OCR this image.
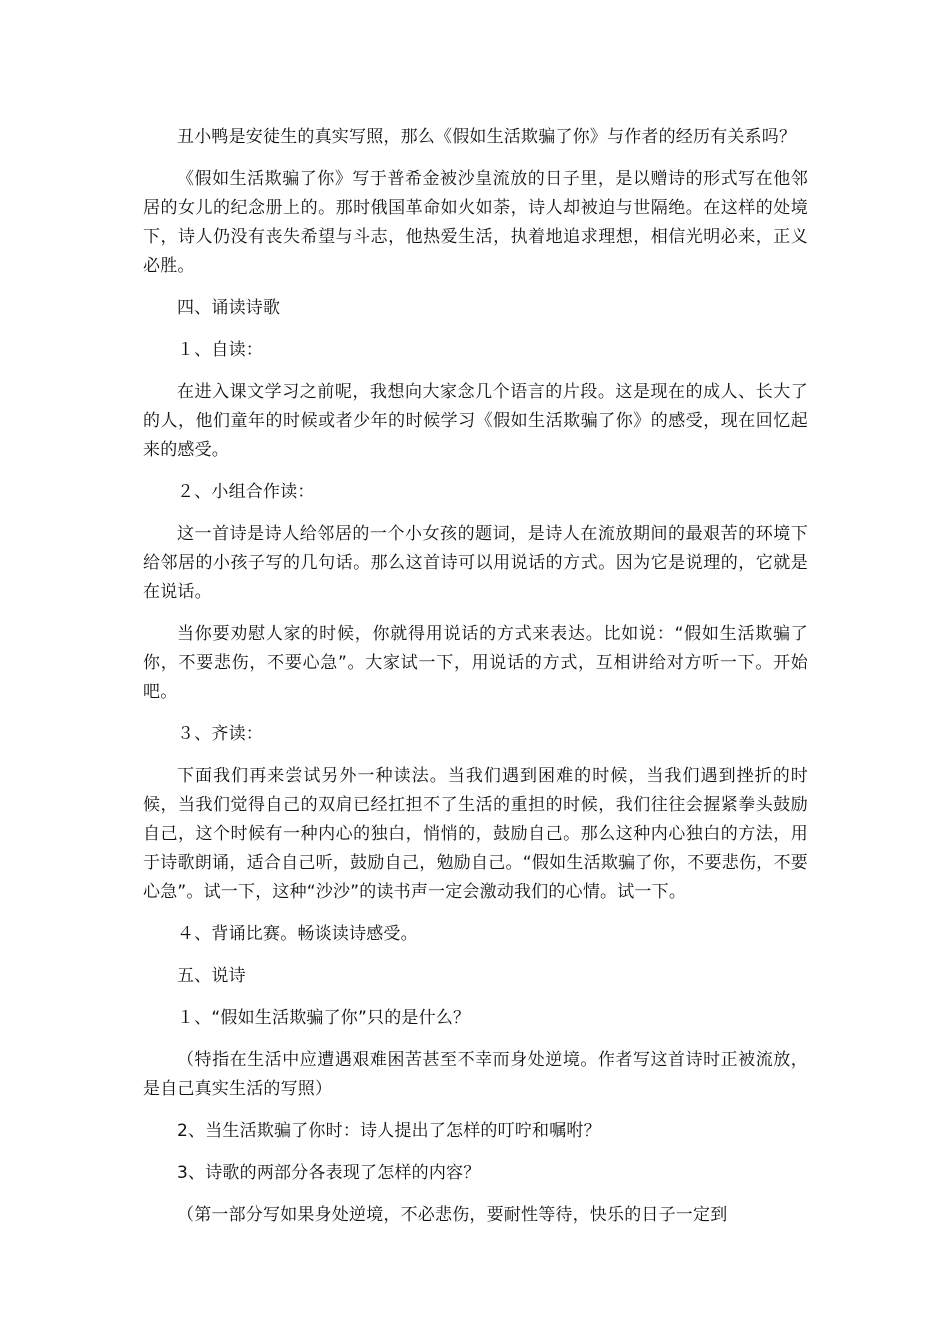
丑小鸭是安徒生的真实写照，那么《假如生活欺骗了你》与作者的经历有关系吗？

《假如生活欺骗了你》写于普希金被沙皇流放的日子里，是以赠诗的形式写在他邻居的女儿的纪念册上的。那时俄国革命如火如荼，诗人却被迫与世隔绝。在这样的处境下，诗人仍没有丧失希望与斗志，他热爱生活，执着地追求理想，相信光明必来，正义必胜。

四、诵读诗歌

１、自读：

在进入课文学习之前呢，我想向大家念几个语言的片段。这是现在的成人、长大了的人，他们童年的时候或者少年的时候学习《假如生活欺骗了你》的感受，现在回忆起来的感受。

２、小组合作读：

这一首诗是诗人给邻居的一个小女孩的题词，是诗人在流放期间的最艰苦的环境下给邻居的小孩子写的几句话。那么这首诗可以用说话的方式。因为它是说理的，它就是在说话。

当你要劝慰人家的时候，你就得用说话的方式来表达。比如说：“假如生活欺骗了你，不要悲伤，不要心急”。大家试一下，用说话的方式，互相讲给对方听一下。开始吧。

３、齐读：

下面我们再来尝试另外一种读法。当我们遇到困难的时候，当我们遇到挫折的时候，当我们觉得自己的双肩已经扛担不了生活的重担的时候，我们往往会握紧拳头鼓励自己，这个时候有一种内心的独白，悄悄的，鼓励自己。那么这种内心独白的方法，用于诗歌朗诵，适合自己听，鼓励自己，勉励自己。“假如生活欺骗了你，不要悲伤，不要心急”。试一下，这种“沙沙”的读书声一定会激动我们的心情。试一下。

４、背诵比赛。畅谈读诗感受。

五、说诗

１、“假如生活欺骗了你”只的是什么？

（特指在生活中应遭遇艰难困苦甚至不幸而身处逆境。作者写这首诗时正被流放，是自己真实生活的写照）

2、当生活欺骗了你时：诗人提出了怎样的叮咛和嘱咐？

3、诗歌的两部分各表现了怎样的内容？

（第一部分写如果身处逆境，不必悲伤，要耐性等待，快乐的日子一定到
